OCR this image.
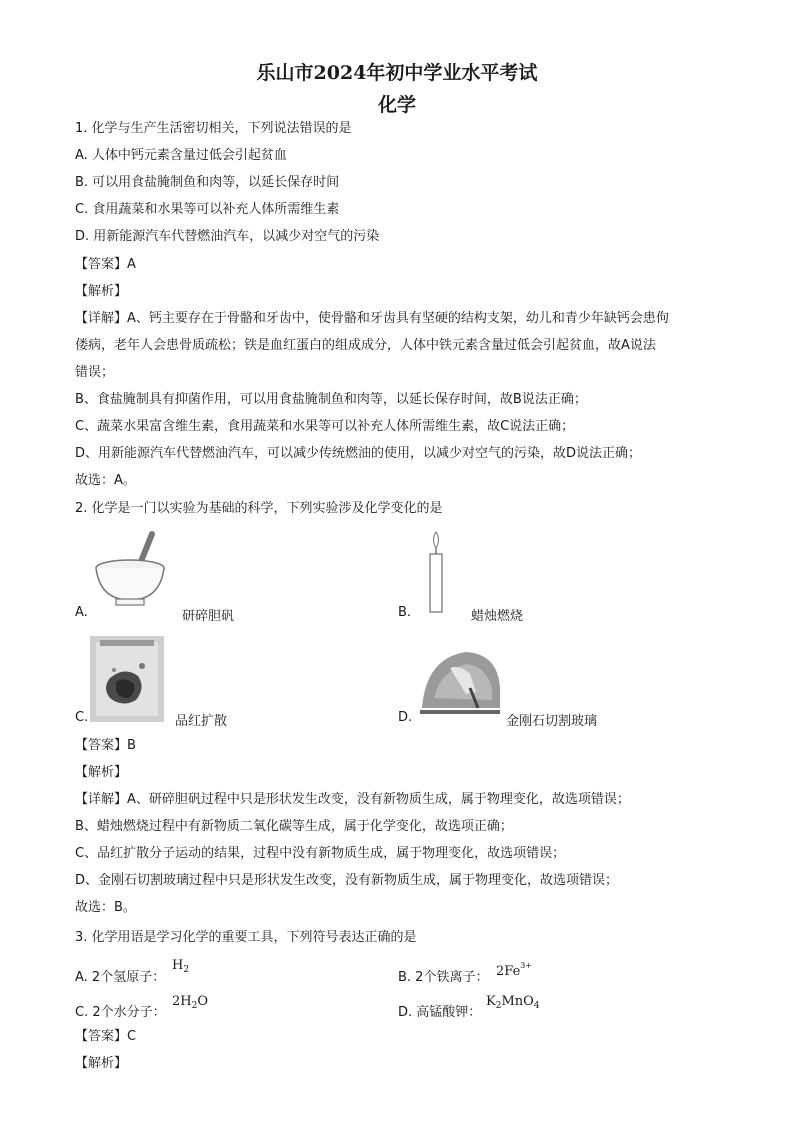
乐山市2024年初中学业水平考试
化学
1. 化学与生产生活密切相关，下列说法错误的是
A. 人体中钙元素含量过低会引起贫血
B. 可以用食盐腌制鱼和肉等，以延长保存时间
C. 食用蔬菜和水果等可以补充人体所需维生素
D. 用新能源汽车代替燃油汽车，以减少对空气的污染
【答案】A
【解析】
【详解】A、钙主要存在于骨骼和牙齿中，使骨骼和牙齿具有坚硬的结构支架，幼儿和青少年缺钙会患佝
偻病，老年人会患骨质疏松；铁是血红蛋白的组成成分，人体中铁元素含量过低会引起贫血，故A说法
错误；
B、食盐腌制具有抑菌作用，可以用食盐腌制鱼和肉等，以延长保存时间，故B说法正确；
C、蔬菜水果富含维生素，食用蔬菜和水果等可以补充人体所需维生素，故C说法正确；
D、用新能源汽车代替燃油汽车，可以减少传统燃油的使用，以减少对空气的污染，故D说法正确；
故选：A。
2. 化学是一门以实验为基础的科学，下列实验涉及化学变化的是
A.	研碎胆矾	B.	蜡烛燃烧
C.	品红扩散	D.	金刚石切割玻璃
【答案】B
【解析】
【详解】A、研碎胆矾过程中只是形状发生改变，没有新物质生成，属于物理变化，故选项错误；
B、蜡烛燃烧过程中有新物质二氧化碳等生成，属于化学变化，故选项正确；
C、品红扩散分子运动的结果，过程中没有新物质生成，属于物理变化，故选项错误；
D、金刚石切割玻璃过程中只是形状发生改变，没有新物质生成，属于物理变化，故选项错误；
故选：B。
3. 化学用语是学习化学的重要工具，下列符号表达正确的是
A. 2个氢原子：
$H_2$	B. 2个铁离子： $2Fe^{3+}$
C. 2个水分子：
$2H_2O$
D. 高锰酸钾：
$K_2MnO_4$
【答案】C
【解析】
